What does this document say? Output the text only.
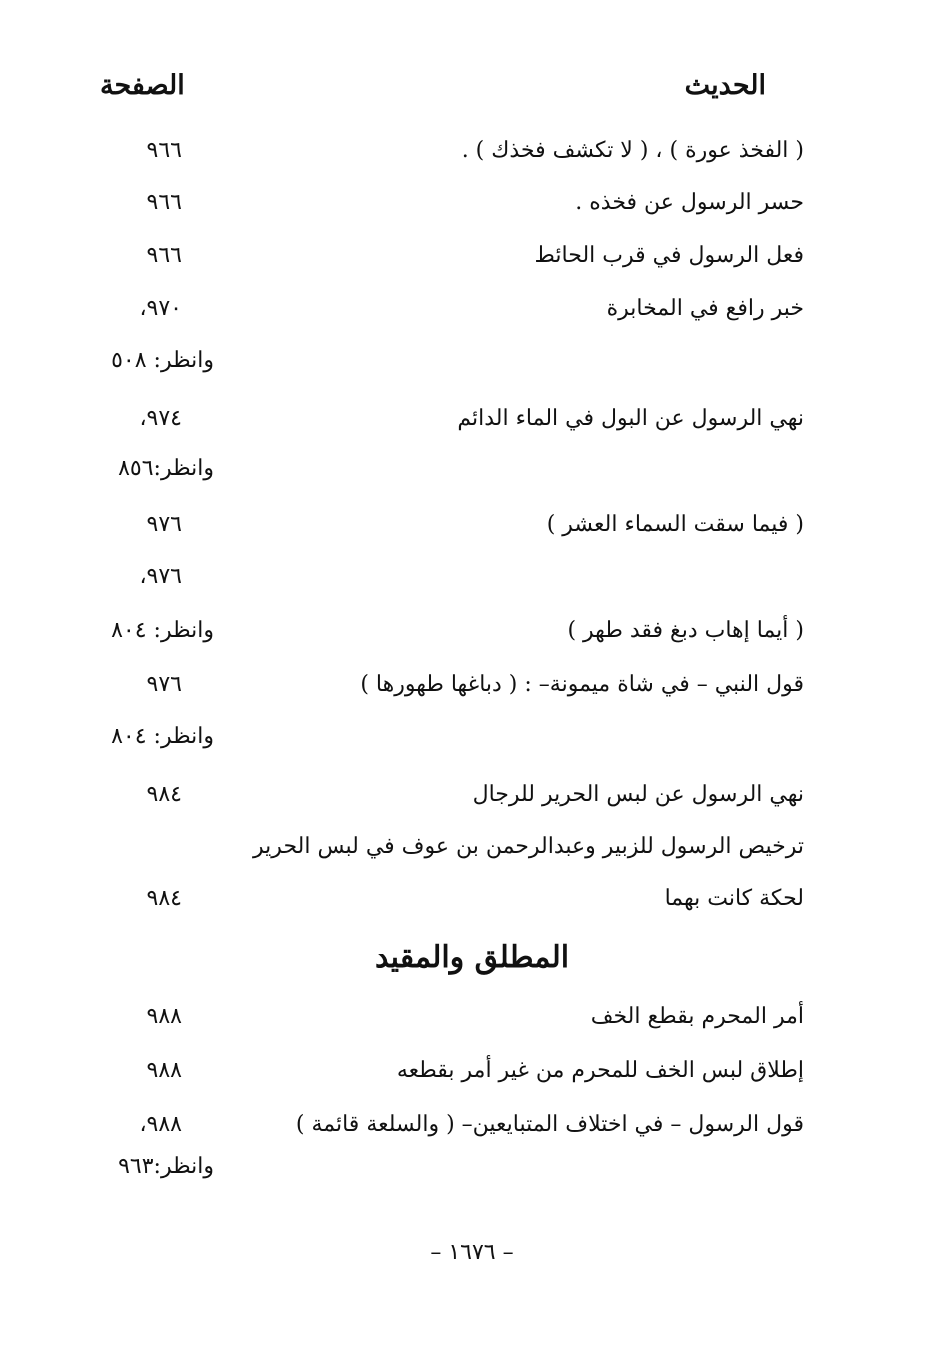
الحديث
الصفحة
( الفخذ عورة ) ، ( لا تكشف فخذك ) .
٩٦٦
حسر الرسول عن فخذه .
٩٦٦
فعل الرسول في قرب الحائط
٩٦٦
خبر رافع في المخابرة
٩٧٠،
وانظر: ٥٠٨
نهي الرسول عن البول في الماء الدائم
٩٧٤،
وانظر:٨٥٦
( فيما سقت السماء العشر )
٩٧٦
٩٧٦،
( أيما إهاب دبغ فقد طهر )
وانظر: ٨٠٤
قول النبي – في شاة ميمونة– : ( دباغها طهورها )
٩٧٦
وانظر: ٨٠٤
نهي الرسول عن لبس الحرير للرجال
٩٨٤
ترخيص الرسول للزبير وعبدالرحمن بن عوف في لبس الحرير
لحكة كانت بهما
٩٨٤
المطلق والمقيد
أمر المحرم بقطع الخف
٩٨٨
إطلاق لبس الخف للمحرم من غير أمر بقطعه
٩٨٨
قول الرسول – في اختلاف المتبايعين– ( والسلعة قائمة )
٩٨٨،
وانظر:٩٦٣
– ١٦٧٦ –
